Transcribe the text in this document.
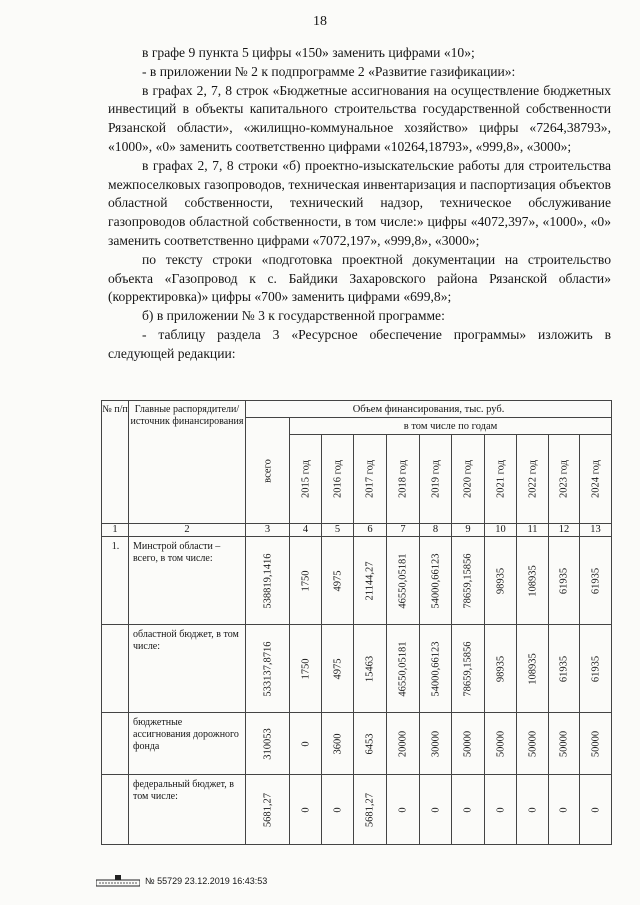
18

в графе 9 пункта 5 цифры «150» заменить цифрами «10»;

- в приложении № 2 к подпрограмме 2 «Развитие газификации»:

в графах 2, 7, 8 строк «Бюджетные ассигнования на осуществление бюджетных инвестиций в объекты капитального строительства государственной собственности Рязанской области», «жилищно-коммунальное хозяйство» цифры «7264,38793», «1000», «0» заменить соответственно цифрами «10264,18793», «999,8», «3000»;

в графах 2, 7, 8 строки «б) проектно-изыскательские работы для строительства межпоселковых газопроводов, техническая инвентаризация и паспортизация объектов областной собственности, технический надзор, техническое обслуживание газопроводов областной собственности, в том числе:» цифры «4072,397», «1000», «0» заменить соответственно цифрами «7072,197», «999,8», «3000»;

по тексту строки «подготовка проектной документации на строительство объекта «Газопровод к с. Байдики Захаровского района Рязанской области» (корректировка)» цифры «700» заменить цифрами «699,8»;

б) в приложении № 3 к государственной программе:

- таблицу раздела 3 «Ресурсное обеспечение программы» изложить в следующей редакции:

№ п/п	Главные распорядители/ источник финансирования	Объем финансирования, тыс. руб.										

		всего	в том числе по годам									

			2015 год	2016 год	2017 год	2018 год	2019 год	2020 год	2021 год	2022 год	2023 год	2024 год

1	2	3	4	5	6	7	8	9	10	11	12	13
1.	Минстрой области – всего, в том числе:	538819,1416	1750	4975	21144,27	46550,05181	54000,66123	78659,15856	98935	108935	61935	61935

	областной бюджет, в том числе:	533137,8716	1750	4975	15463	46550,05181	54000,66123	78659,15856	98935	108935	61935	61935

	бюджетные ассигнования дорожного фонда	310053	0	3600	6453	20000	30000	50000	50000	50000	50000	50000

	федеральный бюджет, в том числе:	5681,27	0	0	5681,27	0	0	0	0	0	0	0
№ 55729 23.12.2019 16:43:53
